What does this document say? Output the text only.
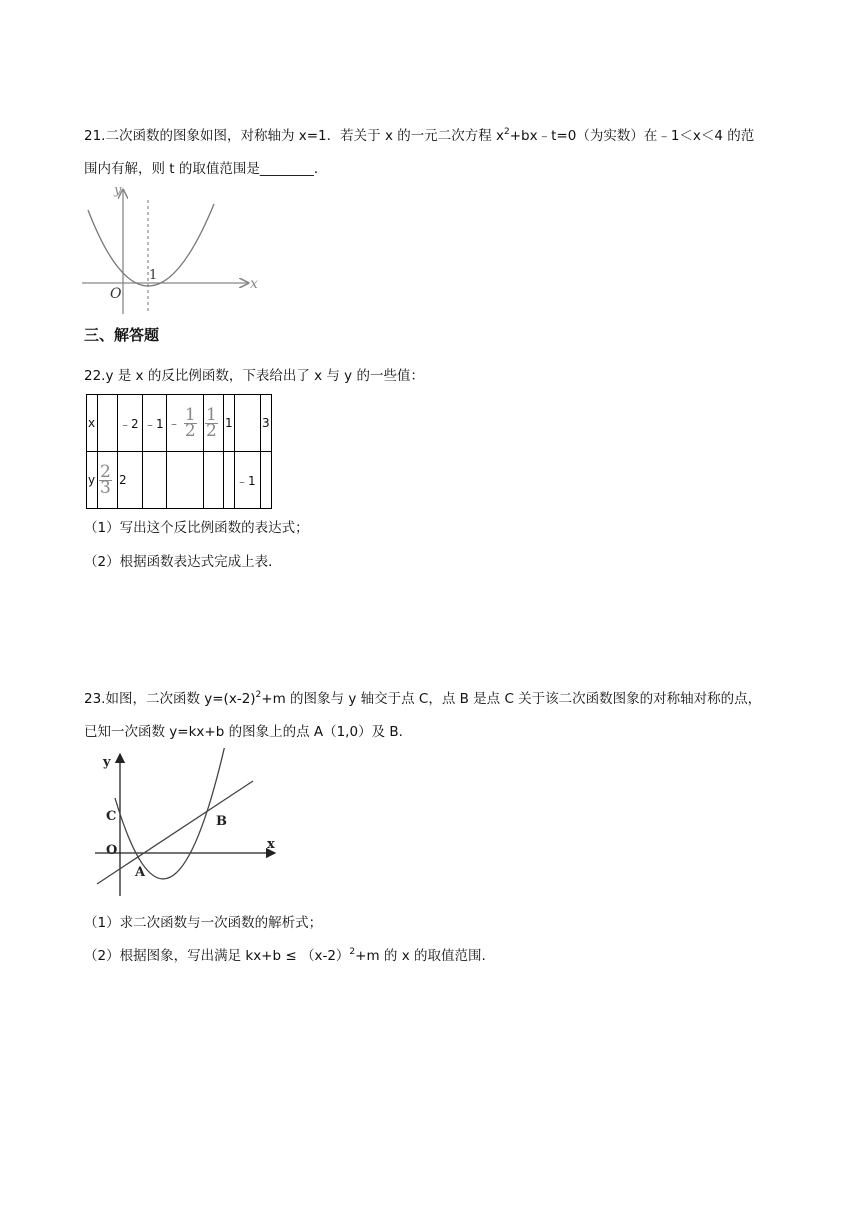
21.二次函数的图象如图，对称轴为 x=1．若关于 x 的一元二次方程 $x^2+bx﹣t=0$（为实数）在﹣1＜x＜4 的范
围内有解，则 t 的取值范围是________．
y
x
O
1
三、解答题
22.y 是 x 的反比例函数，下表给出了 x 与 y 的一些值：
x		﹣2	﹣1	﹣ $\frac{1}{2}$	$\frac{1}{2}$	1		3
y	$\frac{2}{3}$	2					﹣1	
（1）写出这个反比例函数的表达式；
（2）根据函数表达式完成上表．
23.如图，二次函数 $y=(x-2)^2+m$ 的图象与 y 轴交于点 C，点 B 是点 C 关于该二次函数图象的对称轴对称的点，
已知一次函数 y=kx+b 的图象上的点 A（1,0）及 B.
y
x
O
C
A
B
（1）求二次函数与一次函数的解析式；
（2）根据图象，写出满足 $kx+b \le (x-2)^2+m$ 的 x 的取值范围.
